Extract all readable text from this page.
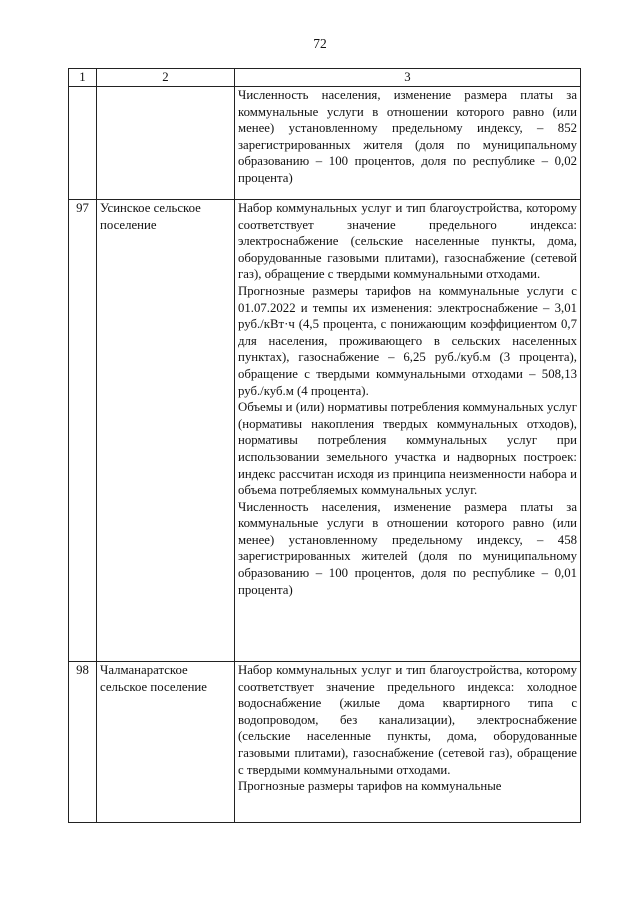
72
1	2	3

		Численность населения, изменение размера платы за коммунальные услуги в отношении которого равно (или менее) установленному предельному индексу, – 852 зарегистрированных жителя (доля по муниципальному образованию – 100 процентов, доля по республике – 0,02 процента)

97	Усинское сельское поселение	Набор коммунальных услуг и тип благоустройства, которому соответствует значение предельного индекса: электроснабжение (сельские населенные пункты, дома, оборудованные газовыми плитами), газоснабжение (сетевой газ), обращение с твердыми коммунальными отходами.

Прогнозные размеры тарифов на коммунальные услуги с 01.07.2022 и темпы их изменения: электроснабжение – 3,01 руб./кВт·ч (4,5 процента, с понижающим коэффициентом 0,7 для населения, проживающего в сельских населенных пунктах), газоснабжение – 6,25 руб./куб.м (3 процента), обращение с твердыми коммунальными отходами – 508,13 руб./куб.м (4 процента).

Объемы и (или) нормативы потребления коммунальных услуг (нормативы накопления твердых коммунальных отходов), нормативы потребления коммунальных услуг при использовании земельного участка и надворных построек: индекс рассчитан исходя из принципа неизменности набора и объема потребляемых коммунальных услуг.

Численность населения, изменение размера платы за коммунальные услуги в отношении которого равно (или менее) установленному предельному индексу, – 458 зарегистрированных жителей (доля по муниципальному образованию – 100 процентов, доля по республике – 0,01 процента)

98	Чалманаратское сельское поселение	Набор коммунальных услуг и тип благоустройства, которому соответствует значение предельного индекса: холодное водоснабжение (жилые дома квартирного типа с водопроводом, без канализации), электроснабжение (сельские населенные пункты, дома, оборудованные газовыми плитами), газоснабжение (сетевой газ), обращение с твердыми коммунальными отходами.

Прогнозные размеры тарифов на коммунальные
